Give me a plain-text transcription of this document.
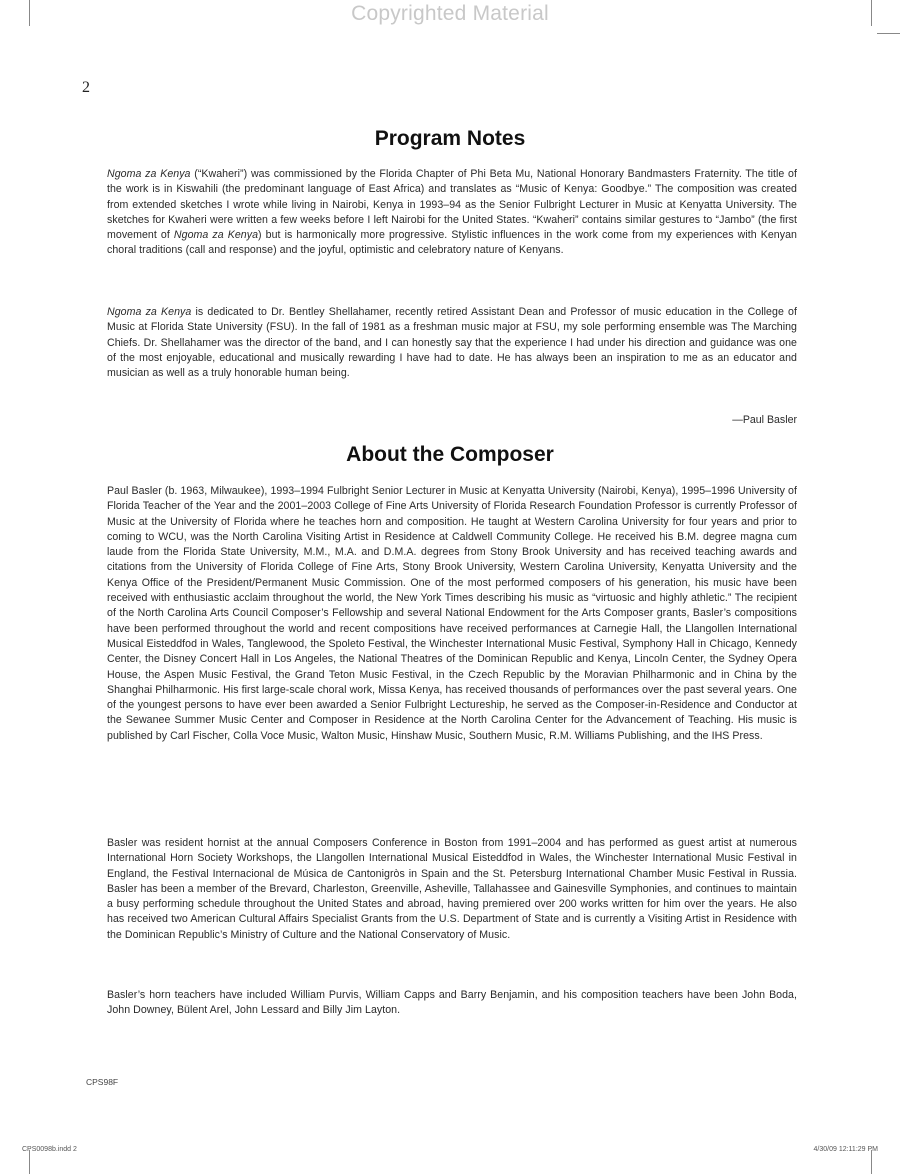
Copyrighted Material
2
Program Notes

Ngoma za Kenya (“Kwaheri”) was commissioned by the Florida Chapter of Phi Beta Mu, National Honorary Bandmasters Fraternity. The title of the work is in Kiswahili (the predominant language of East Africa) and translates as “Music of Kenya: Goodbye.” The composition was created from extended sketches I wrote while living in Nairobi, Kenya in 1993–94 as the Senior Fulbright Lecturer in Music at Kenyatta University. The sketches for Kwaheri were written a few weeks before I left Nairobi for the United States. “Kwaheri” contains similar gestures to “Jambo” (the first movement of Ngoma za Kenya) but is harmonically more progressive. Stylistic influences in the work come from my experiences with Kenyan choral traditions (call and response) and the joyful, optimistic and celebratory nature of Kenyans.

Ngoma za Kenya is dedicated to Dr. Bentley Shellahamer, recently retired Assistant Dean and Professor of music education in the College of Music at Florida State University (FSU). In the fall of 1981 as a freshman music major at FSU, my sole performing ensemble was The Marching Chiefs. Dr. Shellahamer was the director of the band, and I can honestly say that the experience I had under his direction and guidance was one of the most enjoyable, educational and musically rewarding I have had to date. He has always been an inspiration to me as an educator and musician as well as a truly honorable human being.

—Paul Basler
About the Composer

Paul Basler (b. 1963, Milwaukee), 1993–1994 Fulbright Senior Lecturer in Music at Kenyatta University (Nairobi, Kenya), 1995–1996 University of Florida Teacher of the Year and the 2001–2003 College of Fine Arts University of Florida Research Foundation Professor is currently Professor of Music at the University of Florida where he teaches horn and composition. He taught at Western Carolina University for four years and prior to coming to WCU, was the North Carolina Visiting Artist in Residence at Caldwell Community College. He received his B.M. degree magna cum laude from the Florida State University, M.M., M.A. and D.M.A. degrees from Stony Brook University and has received teaching awards and citations from the University of Florida College of Fine Arts, Stony Brook University, Western Carolina University, Kenyatta University and the Kenya Office of the President/Permanent Music Commission. One of the most performed composers of his generation, his music have been received with enthusiastic acclaim throughout the world, the New York Times describing his music as “virtuosic and highly athletic.” The recipient of the North Carolina Arts Council Composer’s Fellowship and several National Endowment for the Arts Composer grants, Basler’s compositions have been performed throughout the world and recent compositions have received performances at Carnegie Hall, the Llangollen International Musical Eisteddfod in Wales, Tanglewood, the Spoleto Festival, the Winchester International Music Festival, Symphony Hall in Chicago, Kennedy Center, the Disney Concert Hall in Los Angeles, the National Theatres of the Dominican Republic and Kenya, Lincoln Center, the Sydney Opera House, the Aspen Music Festival, the Grand Teton Music Festival, in the Czech Republic by the Moravian Philharmonic and in China by the Shanghai Philharmonic. His first large-scale choral work, Missa Kenya, has received thousands of performances over the past several years. One of the youngest persons to have ever been awarded a Senior Fulbright Lectureship, he served as the Composer-in-Residence and Conductor at the Sewanee Summer Music Center and Composer in Residence at the North Carolina Center for the Advancement of Teaching. His music is published by Carl Fischer, Colla Voce Music, Walton Music, Hinshaw Music, Southern Music, R.M. Williams Publishing, and the IHS Press.

Basler was resident hornist at the annual Composers Conference in Boston from 1991–2004 and has performed as guest artist at numerous International Horn Society Workshops, the Llangollen International Musical Eisteddfod in Wales, the Winchester International Music Festival in England, the Festival Internacional de Música de Cantonigròs in Spain and the St. Petersburg International Chamber Music Festival in Russia. Basler has been a member of the Brevard, Charleston, Greenville, Asheville, Tallahassee and Gainesville Symphonies, and continues to maintain a busy performing schedule throughout the United States and abroad, having premiered over 200 works written for him over the years. He also has received two American Cultural Affairs Specialist Grants from the U.S. Department of State and is currently a Visiting Artist in Residence with the Dominican Republic’s Ministry of Culture and the National Conservatory of Music.

Basler’s horn teachers have included William Purvis, William Capps and Barry Benjamin, and his composition teachers have been John Boda, John Downey, Bülent Arel, John Lessard and Billy Jim Layton.

CPS98F
CPS0098b.indd 2	4/30/09 12:11:29 PM
